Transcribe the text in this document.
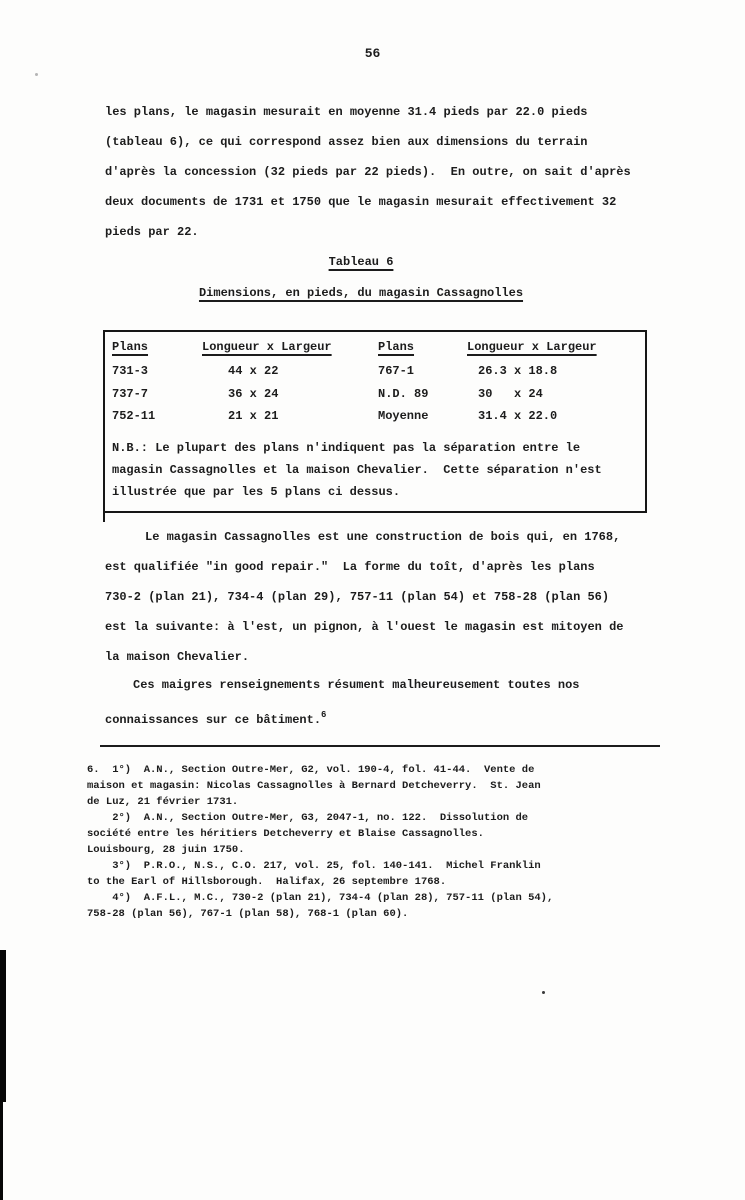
56
les plans, le magasin mesurait en moyenne 31.4 pieds par 22.0 pieds
(tableau 6), ce qui correspond assez bien aux dimensions du terrain
d'après la concession (32 pieds par 22 pieds).  En outre, on sait d'après
deux documents de 1731 et 1750 que le magasin mesurait effectivement 32
pieds par 22.
Tableau 6
Dimensions, en pieds, du magasin Cassagnolles
Plans	Longueur x Largeur	Plans	Longueur x Largeur
731-3	44 x 22	767-1	26.3 x 18.8
737-7	36 x 24	N.D. 89	30   x 24
752-11	21 x 21	Moyenne	31.4 x 22.0
N.B.: Le plupart des plans n'indiquent pas la séparation entre le
magasin Cassagnolles et la maison Chevalier.  Cette séparation n'est
illustrée que par les 5 plans ci dessus.
Le magasin Cassagnolles est une construction de bois qui, en 1768,
est qualifiée "in good repair."  La forme du toît, d'après les plans
730-2 (plan 21), 734-4 (plan 29), 757-11 (plan 54) et 758-28 (plan 56)
est la suivante: à l'est, un pignon, à l'ouest le magasin est mitoyen de
la maison Chevalier.
Ces maigres renseignements résument malheureusement toutes nos
connaissances sur ce bâtiment.$^6$
6.  1°)  A.N., Section Outre-Mer, G2, vol. 190-4, fol. 41-44.  Vente de
maison et magasin: Nicolas Cassagnolles à Bernard Detcheverry.  St. Jean
de Luz, 21 février 1731.
2°)  A.N., Section Outre-Mer, G3, 2047-1, no. 122.  Dissolution de
société entre les héritiers Detcheverry et Blaise Cassagnolles.
Louisbourg, 28 juin 1750.
3°)  P.R.O., N.S., C.O. 217, vol. 25, fol. 140-141.  Michel Franklin
to the Earl of Hillsborough.  Halifax, 26 septembre 1768.
4°)  A.F.L., M.C., 730-2 (plan 21), 734-4 (plan 28), 757-11 (plan 54),
758-28 (plan 56), 767-1 (plan 58), 768-1 (plan 60).
